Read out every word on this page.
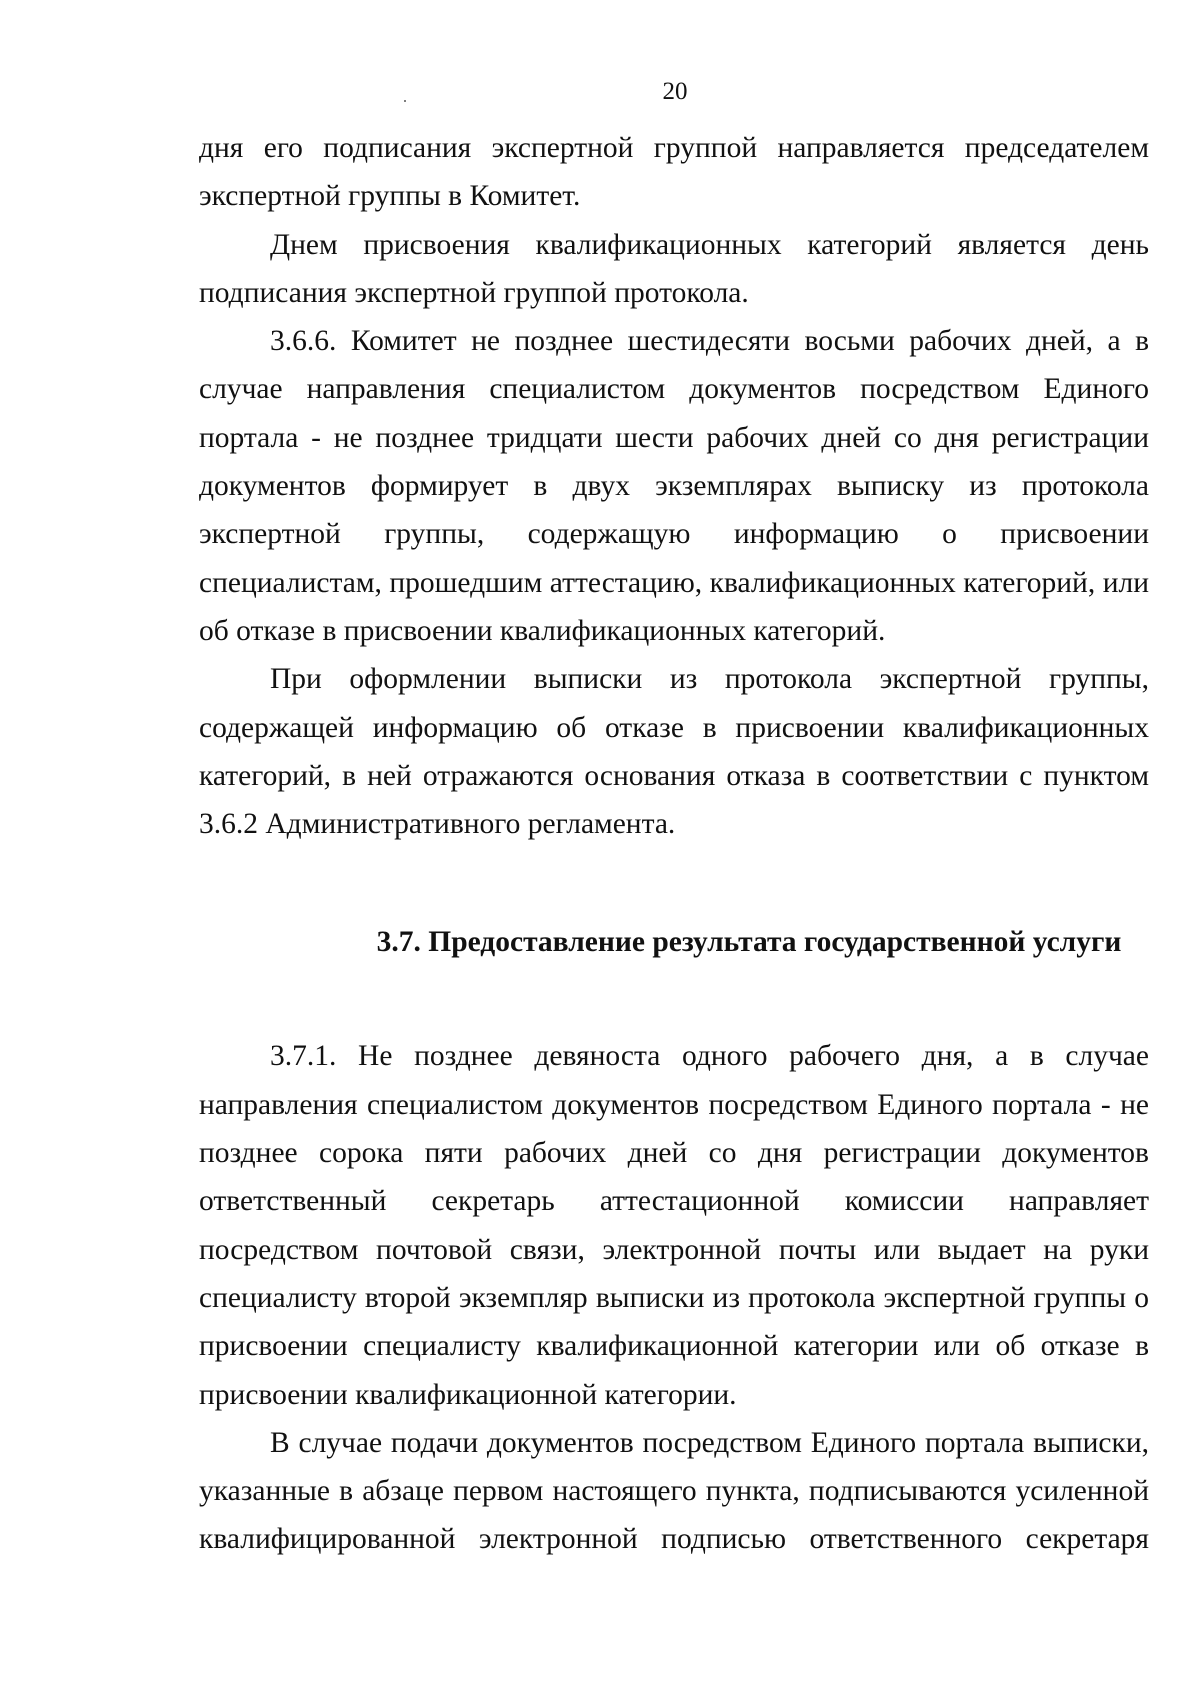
20

дня его подписания экспертной группой направляется председателем экспертной группы в Комитет.

Днем присвоения квалификационных категорий является день подписания экспертной группой протокола.

3.6.6. Комитет не позднее шестидесяти восьми рабочих дней, а в случае направления специалистом документов посредством Единого портала - не позднее тридцати шести рабочих дней со дня регистрации документов формирует в двух экземплярах выписку из протокола экспертной группы, содержащую информацию о присвоении специалистам, прошедшим аттестацию, квалификационных категорий, или об отказе в присвоении квалификационных категорий.

При оформлении выписки из протокола экспертной группы, содержащей информацию об отказе в присвоении квалификационных категорий, в ней отражаются основания отказа в соответствии с пунктом 3.6.2 Административного регламента.

3.7. Предоставление результата государственной услуги

3.7.1. Не позднее девяноста одного рабочего дня, а в случае направления специалистом документов посредством Единого портала - не позднее сорока пяти рабочих дней со дня регистрации документов ответственный секретарь аттестационной комиссии направляет посредством почтовой связи, электронной почты или выдает на руки специалисту второй экземпляр выписки из протокола экспертной группы о присвоении специалисту квалификационной категории или об отказе в присвоении квалификационной категории.

В случае подачи документов посредством Единого портала выписки, указанные в абзаце первом настоящего пункта, подписываются усиленной квалифицированной электронной подписью ответственного секретаря
